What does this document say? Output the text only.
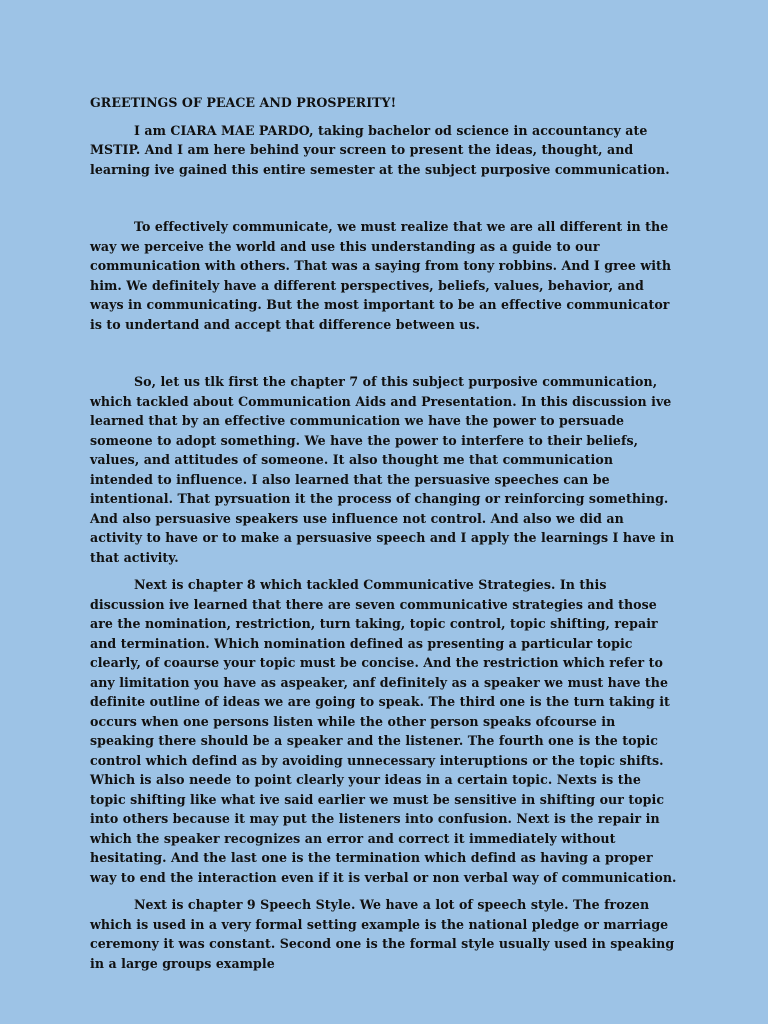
GREETINGS OF PEACE AND PROSPERITY!

I am CIARA MAE PARDO, taking bachelor od science in accountancy ate MSTIP. And I am here behind your screen to present the ideas, thought, and learning ive gained this entire semester at the subject purposive communication.

To effectively communicate, we must realize that we are all different in the way we perceive the world and use this understanding as a guide to our communication with others. That was a saying from tony robbins. And I gree with him. We definitely have a different perspectives, beliefs, values, behavior, and ways in communicating. But the most important to be an effective communicator is to undertand and accept that difference between us.

So, let us tlk first the chapter 7 of this subject purposive communication, which tackled about Communication Aids and Presentation. In this discussion ive learned that by an effective communication we have the power to persuade someone to adopt something. We have the power to interfere to their beliefs, values, and attitudes of someone. It also thought me that communication intended to influence. I also learned that the persuasive speeches can be intentional. That pyrsuation it the process of changing or reinforcing something. And also persuasive speakers use influence not control. And also we did an activity to have or to make a persuasive speech and I apply the learnings I have in that activity.

Next is chapter 8 which tackled Communicative Strategies. In this discussion ive learned that there are seven communicative strategies and those are the nomination, restriction, turn taking, topic control, topic shifting, repair and termination. Which nomination defined as presenting a particular topic clearly, of coaurse your topic must be concise. And the restriction which refer to any limitation you have as aspeaker, anf definitely as a speaker we must have the definite outline of ideas we are going to speak. The third one is the turn taking it occurs when one persons listen while the other person speaks ofcourse in speaking there should be a speaker and the listener. The fourth one is the topic control which defind as by avoiding unnecessary interuptions or the topic shifts. Which is also neede to point clearly your ideas in a certain topic. Nexts is the topic shifting like what ive said earlier we must be sensitive in shifting our topic into others because it may put the listeners into confusion. Next is the repair in which the speaker recognizes an error and correct it immediately without hesitating. And the last one is the termination which defind as having a proper way to end the interaction even if it is verbal or non verbal way of communication.

Next is chapter 9 Speech Style. We have a lot of speech style. The frozen which is used in a very formal setting example is the national pledge or marriage ceremony it was constant. Second one is the formal style usually used in speaking in a large groups example
